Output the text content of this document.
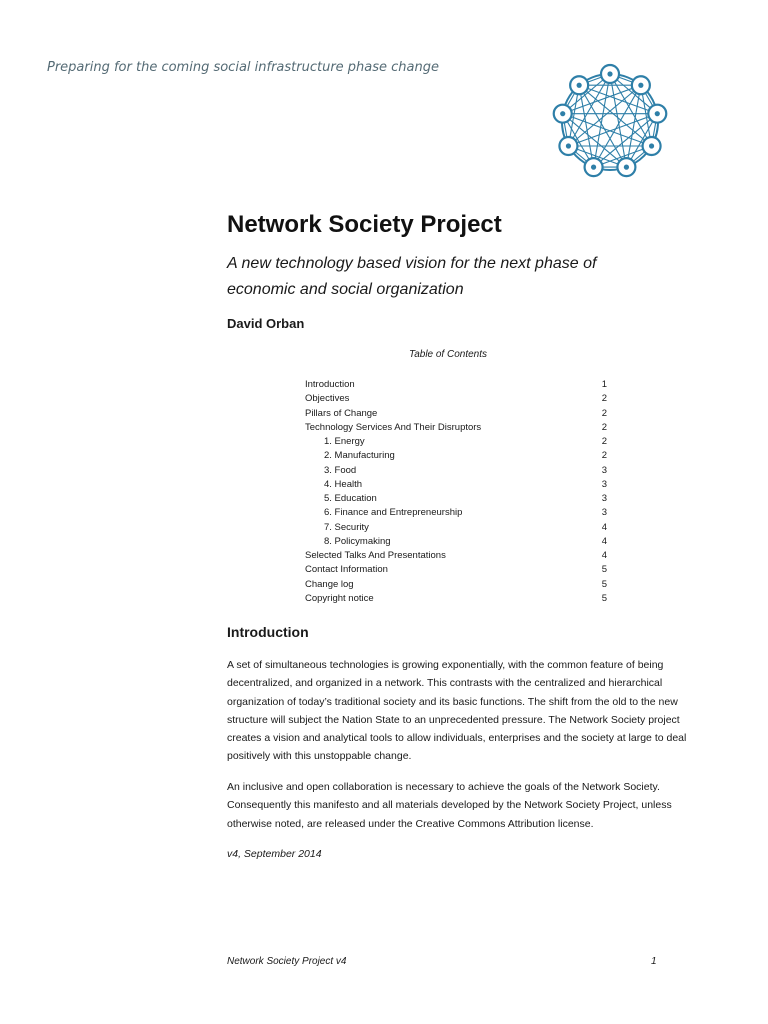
Preparing for the coming social infrastructure phase change
Network Society Project
A new technology based vision for the next phase of economic and social organization
David Orban
Table of Contents
Introduction	1
Objectives	2
Pillars of Change	2
Technology Services And Their Disruptors	2
1. Energy	2
2. Manufacturing	2
3. Food	3
4. Health	3
5. Education	3
6. Finance and Entrepreneurship	3
7. Security	4
8. Policymaking	4
Selected Talks And Presentations	4
Contact Information	5
Change log	5
Copyright notice	5
Introduction

A set of simultaneous technologies is growing exponentially, with the common feature of being decentralized, and organized in a network. This contrasts with the centralized and hierarchical organization of today’s traditional society and its basic functions. The shift from the old to the new structure will subject the Nation State to an unprecedented pressure. The Network Society project creates a vision and analytical tools to allow individuals, enterprises and the society at large to deal positively with this unstoppable change.

An inclusive and open collaboration is necessary to achieve the goals of the Network Society. Consequently this manifesto and all materials developed by the Network Society Project, unless otherwise noted, are released under the Creative Commons Attribution license.

v4, September 2014
Network Society Project v4	1
